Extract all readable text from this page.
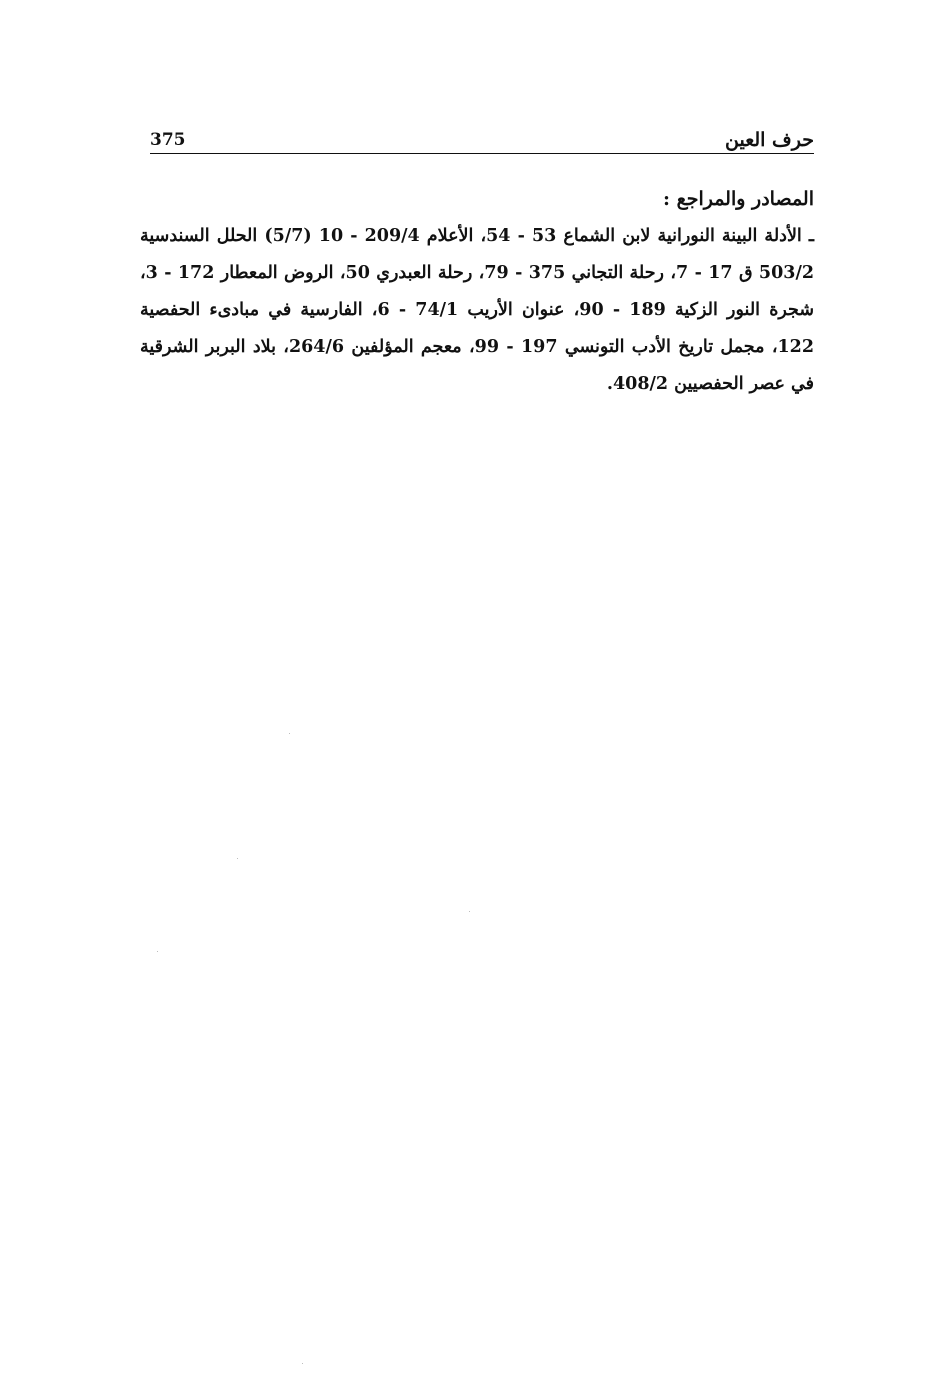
حرف العين
375
المصادر والمراجع :

ـ الأدلة البينة النورانية لابن الشماع 53 - 54، الأعلام 209/4 - 10 (5/7) الحلل السندسية 503/2 ق 17 - 7، رحلة التجاني 375 - 79، رحلة العبدري 50، الروض المعطار 172 - 3، شجرة النور الزكية 189 - 90، عنوان الأريب 74/1 - 6، الفارسية في مبادىء الحفصية 122، مجمل تاريخ الأدب التونسي 197 - 99، معجم المؤلفين 264/6، بلاد البربر الشرقية في عصر الحفصيين 408/2.
